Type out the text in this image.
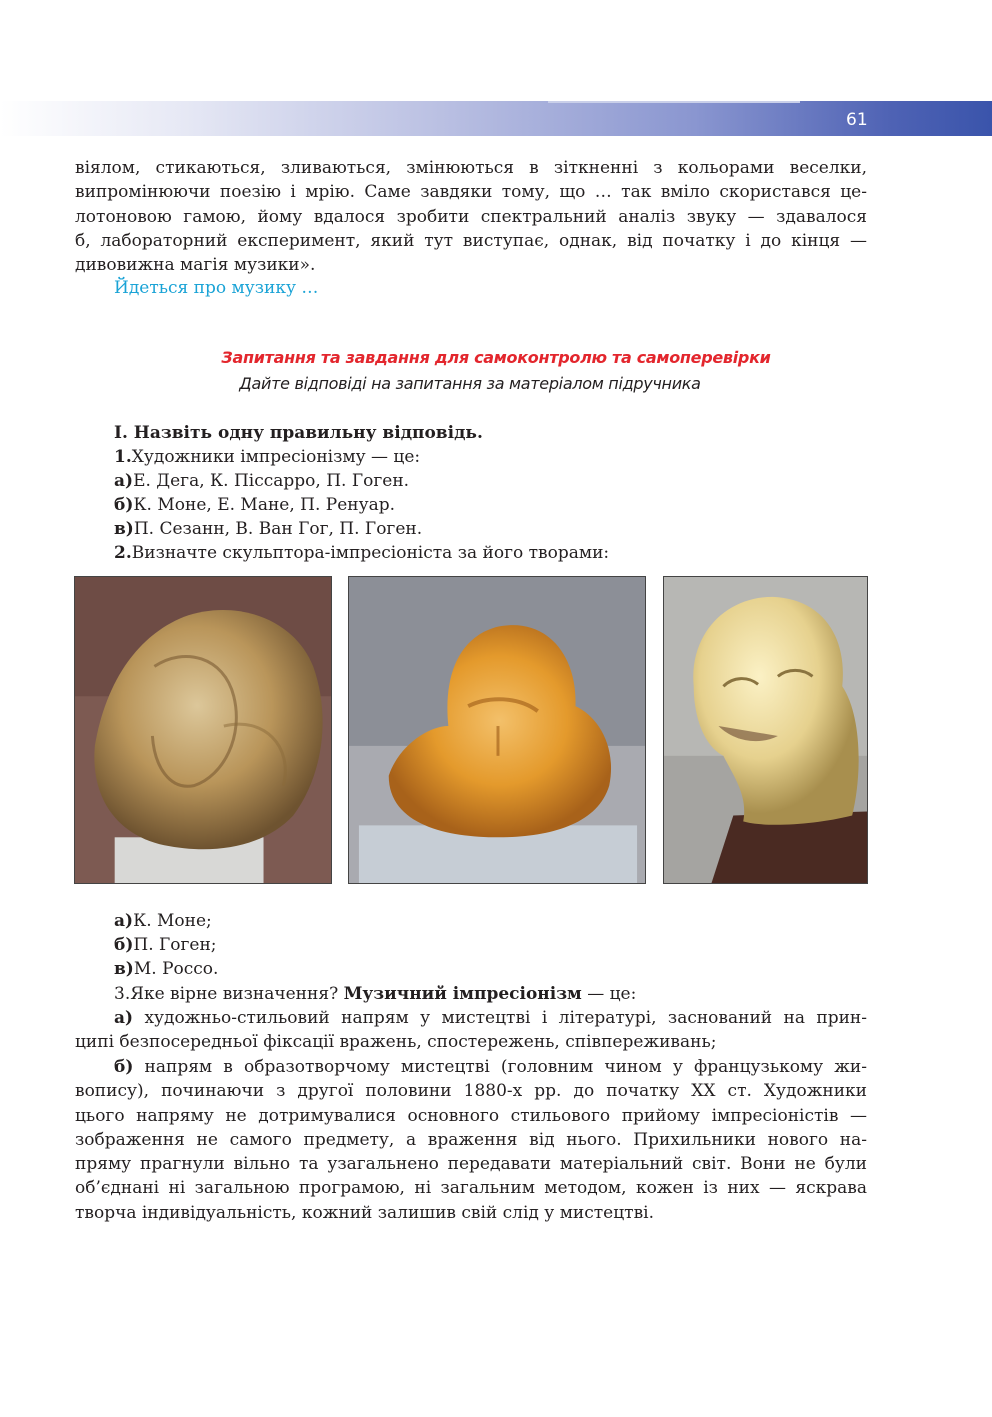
61
віялом, стикаються, зливаються, змінюються в зіткненні з кольорами веселки,
випромінюючи поезію і мрію. Саме завдяки тому, що … так вміло скористався це-
лотоновою гамою, йому вдалося зробити спектральний аналіз звуку — здавалося
б, лабораторний експеримент, який тут виступає, однак, від початку і до кінця —
дивовижна магія музики».

Йдеться про музику …

Запитання та завдання для самоконтролю та самоперевірки

Дайте відповіді на запитання за матеріалом підручника

І. Назвіть одну правильну відповідь.

1.Художники імпресіонізму — це:

а)Е. Дега, К. Піссарро, П. Гоген.

б)К. Моне, Е. Мане, П. Ренуар.

в)П. Сезанн, В. Ван Гог, П. Гоген.

2.Визначте скульптора-імпресіоніста за його творами:

а)К. Моне;

б)П. Гоген;

в)М. Россо.

3.Яке вірне визначення? Музичний імпресіонізм — це:

а) художньо-стильовий напрям у мистецтві і літературі, заснований на прин-
ципі безпосередньої фіксації вражень, спостережень, співпереживань;
б) напрям в образотворчому мистецтві (головним чином у французькому жи-
вопису), починаючи з другої половини 1880-х рр. до початку XX ст. Художники
цього напряму не дотримувалися основного стильового прийому імпресіоністів —
зображення не самого предмету, а враження від нього. Прихильники нового на-
пряму прагнули вільно та узагальнено передавати матеріальний світ. Вони не були
об’єднані ні загальною програмою, ні загальним методом, кожен із них — яскрава
творча індивідуальність, кожний залишив свій слід у мистецтві.
